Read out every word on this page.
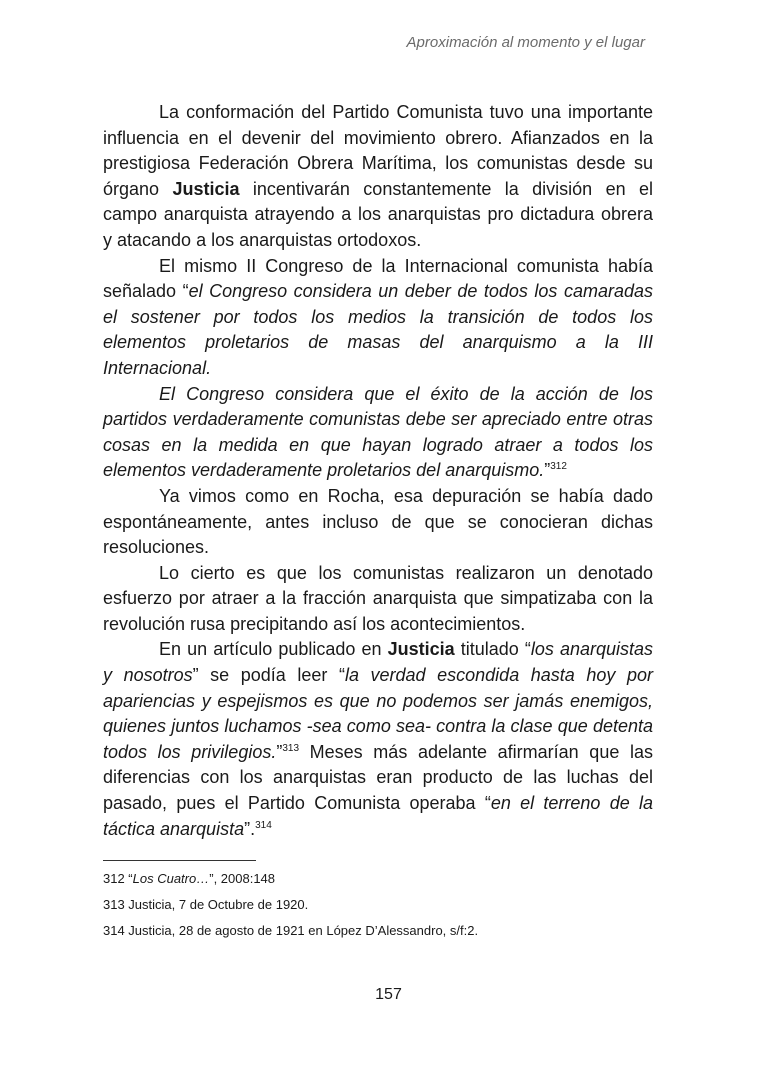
Aproximación al momento y el lugar

La conformación del Partido Comunista tuvo una importante influencia en el devenir del movimiento obrero. Afianzados en la prestigiosa Federación Obrera Marítima, los comunistas desde su órgano Justicia incentivarán constantemente la división en el campo anarquista atrayendo a los anarquistas pro dictadura obrera y atacando a los anarquistas ortodoxos.

El mismo II Congreso de la Internacional comunista había señalado “el Congreso considera un deber de todos los camaradas el sostener por todos los medios la transición de todos los elementos proletarios de masas del anarquismo a la III Internacional.

El Congreso considera que el éxito de la acción de los partidos verdaderamente comunistas debe ser apreciado entre otras cosas en la medida en que hayan logrado atraer a todos los elementos verdaderamente proletarios del anarquismo.”$^{312}$

Ya vimos como en Rocha, esa depuración se había dado espontáneamente, antes incluso de que se conocieran dichas resoluciones.

Lo cierto es que los comunistas realizaron un denotado esfuerzo por atraer a la fracción anarquista que simpatizaba con la revolución rusa precipitando así los acontecimientos.

En un artículo publicado en Justicia titulado “los anarquistas y nosotros” se podía leer “la verdad escondida hasta hoy por apariencias y espejismos es que no podemos ser jamás enemigos, quienes juntos luchamos -sea como sea- contra la clase que detenta todos los privilegios.”$^{313}$ Meses más adelante afirmarían que las diferencias con los anarquistas eran producto de las luchas del pasado, pues el Partido Comunista operaba “en el terreno de la táctica anarquista”.$^{314}$

312 “Los Cuatro…”, 2008:148
313 Justicia, 7 de Octubre de 1920.
314 Justicia, 28 de agosto de 1921 en López D’Alessandro, s/f:2.
157
